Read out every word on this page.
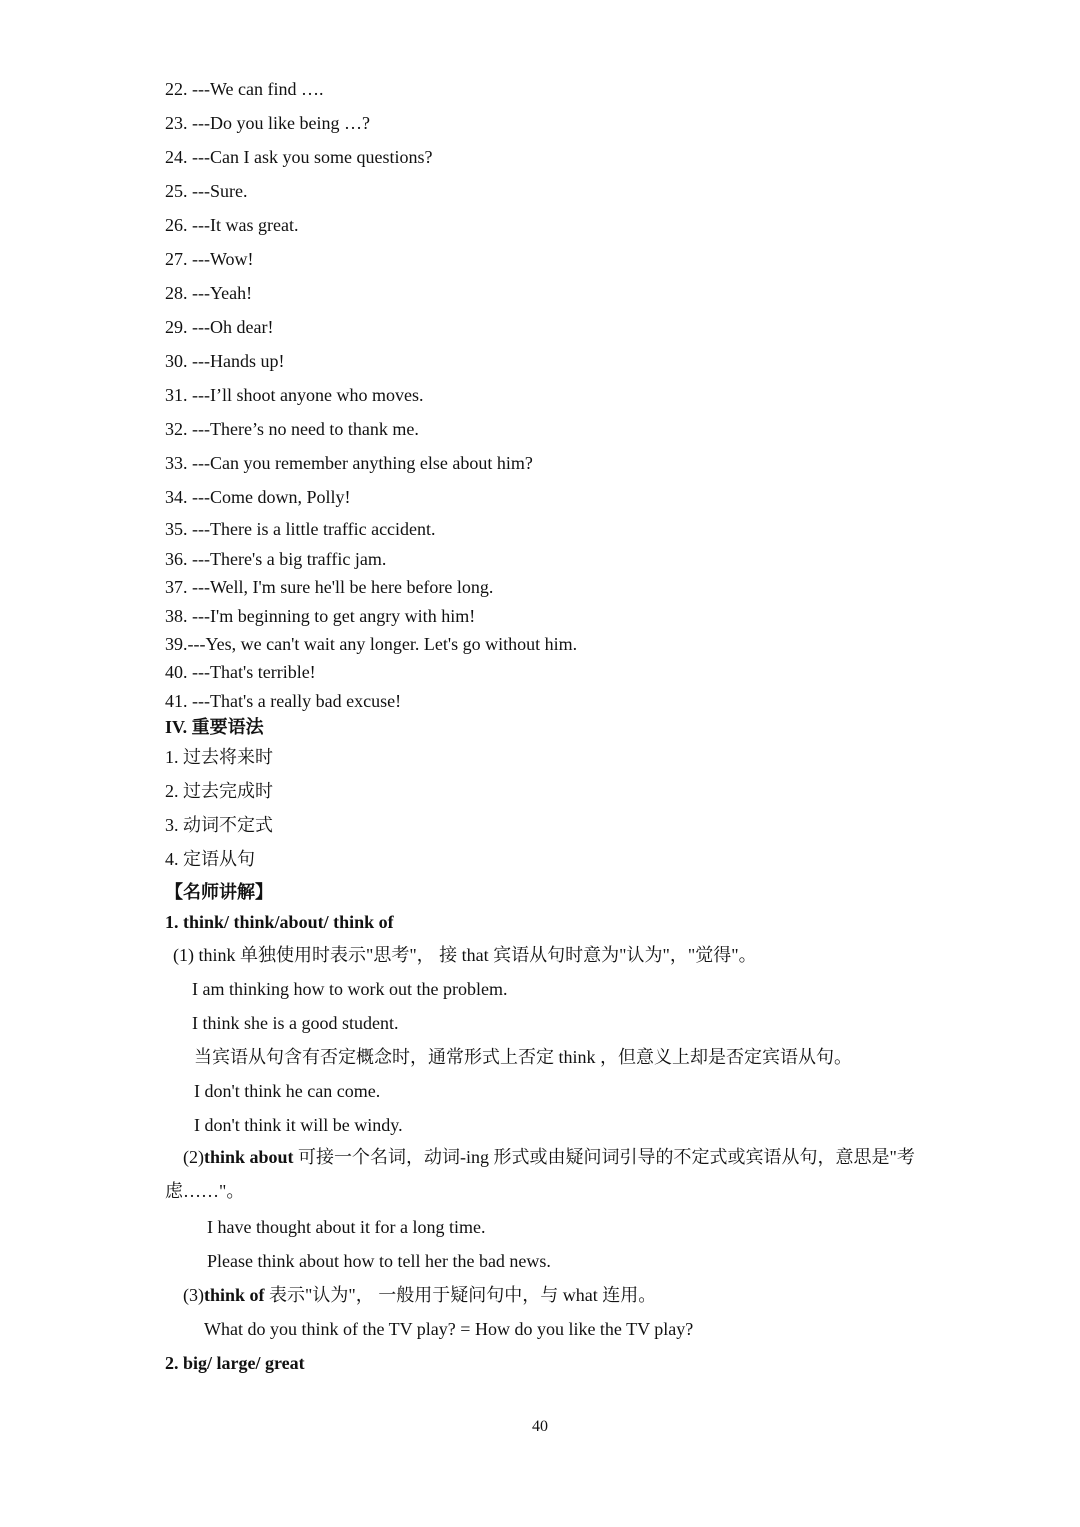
22. ---We can find ….
23. ---Do you like being …?
24. ---Can I ask you some questions?
25. ---Sure.
26. ---It was great.
27. ---Wow!
28. ---Yeah!
29. ---Oh dear!
30. ---Hands up!
31. ---I’ll shoot anyone who moves.
32. ---There’s no need to thank me.
33. ---Can you remember anything else about him?
34. ---Come down, Polly!
35. ---There is a little traffic accident.
36. ---There's a big traffic jam.
37. ---Well, I'm sure he'll be here before long.
38. ---I'm beginning to get angry with him!
39.---Yes, we can't wait any longer. Let's go without him.
40. ---That's terrible!
41. ---That's a really bad excuse!
IV. 重要语法
1. 过去将来时
2. 过去完成时
3. 动词不定式
4. 定语从句
【名师讲解】
1. think/ think/about/ think of
(1) think 单独使用时表示"思考"， 接 that 宾语从句时意为"认为"，"觉得"。
I am thinking how to work out the problem.
I think she is a good student.
当宾语从句含有否定概念时，通常形式上否定 think ，但意义上却是否定宾语从句。
I don't think he can come.
I don't think it will be windy.
(2)think about 可接一个名词，动词-ing 形式或由疑问词引导的不定式或宾语从句，意思是"考虑……"。
I have thought about it for a long time.
Please think about how to tell her the bad news.
(3)think of 表示"认为"， 一般用于疑问句中，与 what 连用。
What do you think of the TV play? = How do you like the TV play?
2. big/ large/ great
40
